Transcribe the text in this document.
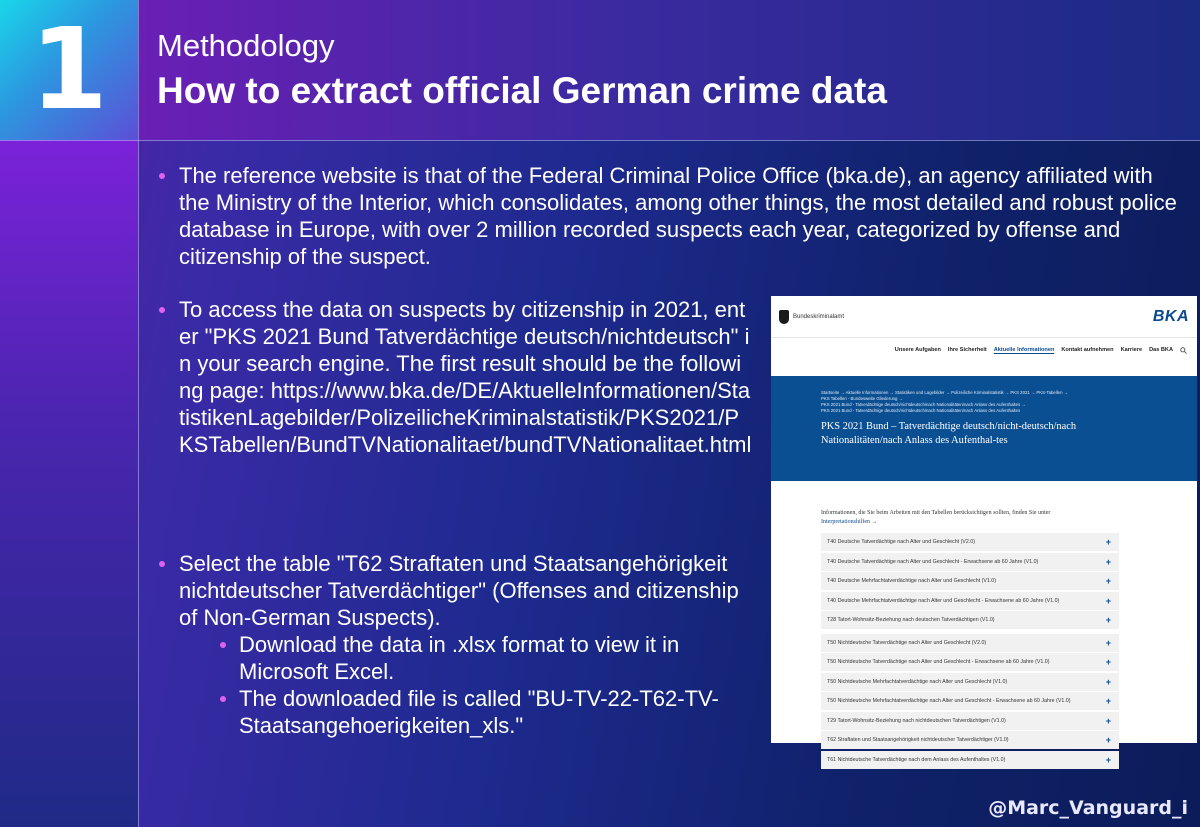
1 Methodology
How to extract official German crime data
The reference website is that of the Federal Criminal Police Office (bka.de), an agency affiliated with the Ministry of the Interior, which consolidates, among other things, the most detailed and robust police database in Europe, with over 2 million recorded suspects each year, categorized by offense and citizenship of the suspect.
To access the data on suspects by citizenship in 2021, enter "PKS 2021 Bund Tatverdächtige deutsch/nichtdeutsch" in your search engine. The first result should be the following page: https://www.bka.de/DE/AktuelleInformationen/StatistikenLagebilder/PolizeilicheKriminalstatistik/PKS2021/PKSTabellen/BundTVNationalitaet/bundTVNationalitaet.html
Select the table "T62 Straftaten und Staatsangehörigkeit nichtdeutscher Tatverdächtiger" (Offenses and citizenship of Non-German Suspects).
Download the data in .xlsx format to view it in Microsoft Excel.
The downloaded file is called "BU-TV-22-T62-TV-Staatsangehoerigkeiten_xls."
Bundeskriminalamt	BKA
Unsere Aufgaben Ihre Sicherheit Aktuelle Informationen Kontakt aufnehmen Karriere Das BKA
Startseite → Aktuelle Informationen → Statistiken und Lagebilder → Polizeiliche Kriminalstatistik → PKS 2021 → PKS-Tabellen →
PKS Tabellen - Bundesweite Gliederung →
PKS 2021 Bund - Tatverdächtige deutsch/nichtdeutsch/nach Nationalitäten/nach Anlass des Aufenthaltes →
PKS 2021 Bund - Tatverdächtige deutsch/nichtdeutsch/nach Nationalitäten/nach Anlass des Aufenthaltes
PKS 2021 Bund – Tatverdächtige deutsch/nicht-deutsch/nach Nationalitäten/nach Anlass des Aufenthal-tes
Informationen, die Sie beim Arbeiten mit den Tabellen berücksichtigen sollten, finden Sie unter
Interpretationshilfen →
T40 Deutsche Tatverdächtige nach Alter und Geschlecht (V2.0)	+
T40 Deutsche Tatverdächtige nach Alter und Geschlecht - Erwachsene ab 60 Jahre (V1.0)	+
T40 Deutsche Mehrfachtatverdächtige nach Alter und Geschlecht (V1.0)	+
T40 Deutsche Mehrfachtatverdächtige nach Alter und Geschlecht - Erwachsene ab 60 Jahre (V1.0)	+
T28 Tatort-Wohnsitz-Beziehung nach deutschen Tatverdächtigen (V1.0)	+
T50 Nichtdeutsche Tatverdächtige nach Alter und Geschlecht (V2.0)	+
T50 Nichtdeutsche Tatverdächtige nach Alter und Geschlecht - Erwachsene ab 60 Jahre (V1.0)	+
T50 Nichtdeutsche Mehrfachtatverdächtige nach Alter und Geschlecht (V1.0)	+
T50 Nichtdeutsche Mehrfachtatverdächtige nach Alter und Geschlecht - Erwachsene ab 60 Jahre (V1.0)	+
T29 Tatort-Wohnsitz-Beziehung nach nichtdeutschen Tatverdächtigen (V1.0)	+
T62 Straftaten und Staatsangehörigkeit nichtdeutscher Tatverdächtiger (V1.0)	+
T61 Nichtdeutsche Tatverdächtige nach dem Anlass des Aufenthaltes (V1.0)	+
@Marc_Vanguard_i
